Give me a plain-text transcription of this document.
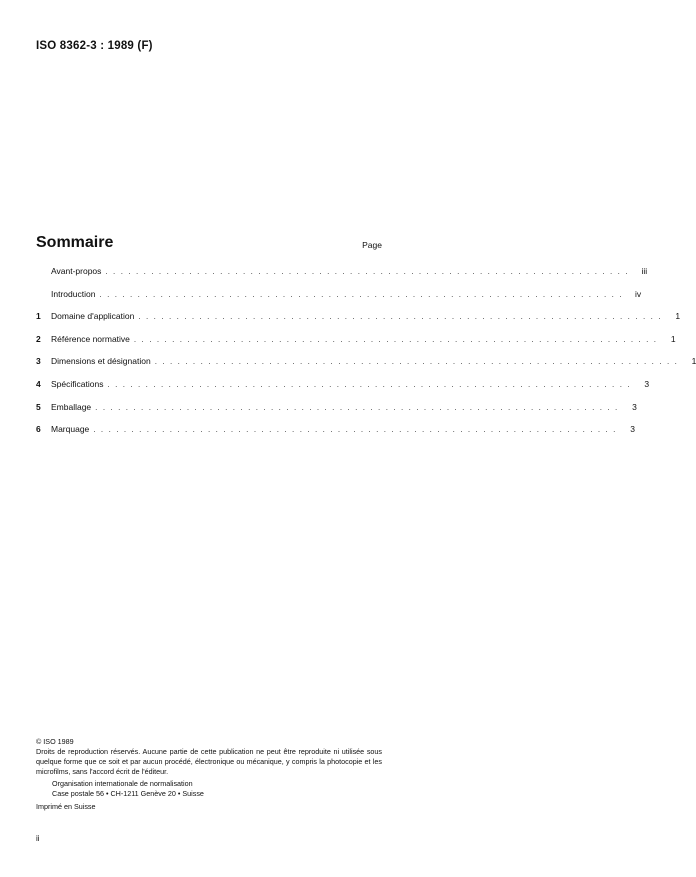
ISO 8362-3 : 1989 (F)
Sommaire	Page
Avant-propos . . . . . . . . . . . . . . . . . . . . . . . . . . . . . . . . . . . . . . . . . . . . . . . . . . . . . . . . . . . . . . . . . . . . .	iii
Introduction . . . . . . . . . . . . . . . . . . . . . . . . . . . . . . . . . . . . . . . . . . . . . . . . . . . . . . . . . . . . . . . . . . . . .	iv
1	Domaine d'application . . . . . . . . . . . . . . . . . . . . . . . . . . . . . . . . . . . . . . . . . . . . . . . . . . . . . . . . . . . . . . . . . . . . .	1
2	Référence normative . . . . . . . . . . . . . . . . . . . . . . . . . . . . . . . . . . . . . . . . . . . . . . . . . . . . . . . . . . . . . . . . . . . . .	1
3	Dimensions et désignation . . . . . . . . . . . . . . . . . . . . . . . . . . . . . . . . . . . . . . . . . . . . . . . . . . . . . . . . . . . . . . . . . . . . .	1
4	Spécifications . . . . . . . . . . . . . . . . . . . . . . . . . . . . . . . . . . . . . . . . . . . . . . . . . . . . . . . . . . . . . . . . . . . . .	3
5	Emballage . . . . . . . . . . . . . . . . . . . . . . . . . . . . . . . . . . . . . . . . . . . . . . . . . . . . . . . . . . . . . . . . . . . . .	3
6	Marquage . . . . . . . . . . . . . . . . . . . . . . . . . . . . . . . . . . . . . . . . . . . . . . . . . . . . . . . . . . . . . . . . . . . . .	3
© ISO 1989
Droits de reproduction réservés. Aucune partie de cette publication ne peut être reproduite ni utilisée sous quelque forme que ce soit et par aucun procédé, électronique ou mécanique, y compris la photocopie et les microfilms, sans l'accord écrit de l'éditeur.
Organisation internationale de normalisation
Case postale 56 • CH-1211 Genève 20 • Suisse
Imprimé en Suisse
ii
